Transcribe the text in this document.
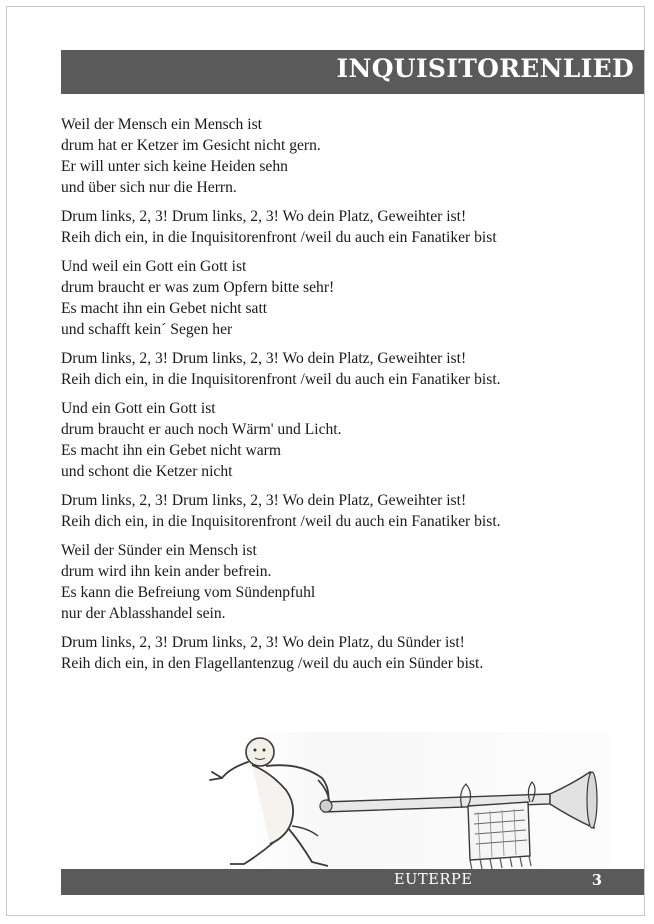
INQUISITORENLIED
Weil der Mensch ein Mensch ist
drum hat er Ketzer im Gesicht nicht gern.
Er will unter sich keine Heiden sehn
und über sich nur die Herrn.
Drum links, 2, 3! Drum links, 2, 3! Wo dein Platz, Geweihter ist!
Reih dich ein, in die Inquisitorenfront /weil du auch ein Fanatiker bist
Und weil ein Gott ein Gott ist
drum braucht er was zum Opfern bitte sehr!
Es macht ihn ein Gebet nicht satt
und schafft kein´ Segen her
Drum links, 2, 3! Drum links, 2, 3! Wo dein Platz, Geweihter ist!
Reih dich ein, in die Inquisitorenfront /weil du auch ein Fanatiker bist.
Und ein Gott ein Gott ist
drum braucht er auch noch Wärm' und Licht.
Es macht ihn ein Gebet nicht warm
und schont die Ketzer nicht
Drum links, 2, 3! Drum links, 2, 3! Wo dein Platz, Geweihter ist!
Reih dich ein, in die Inquisitorenfront /weil du auch ein Fanatiker bist.
Weil der Sünder ein Mensch ist
drum wird ihn kein ander befrein.
Es kann die Befreiung vom Sündenpfuhl
nur der Ablasshandel sein.
Drum links, 2, 3! Drum links, 2, 3! Wo dein Platz, du Sünder ist!
Reih dich ein, in den Flagellantenzug /weil du auch ein Sünder bist.
EUTERPE	3
